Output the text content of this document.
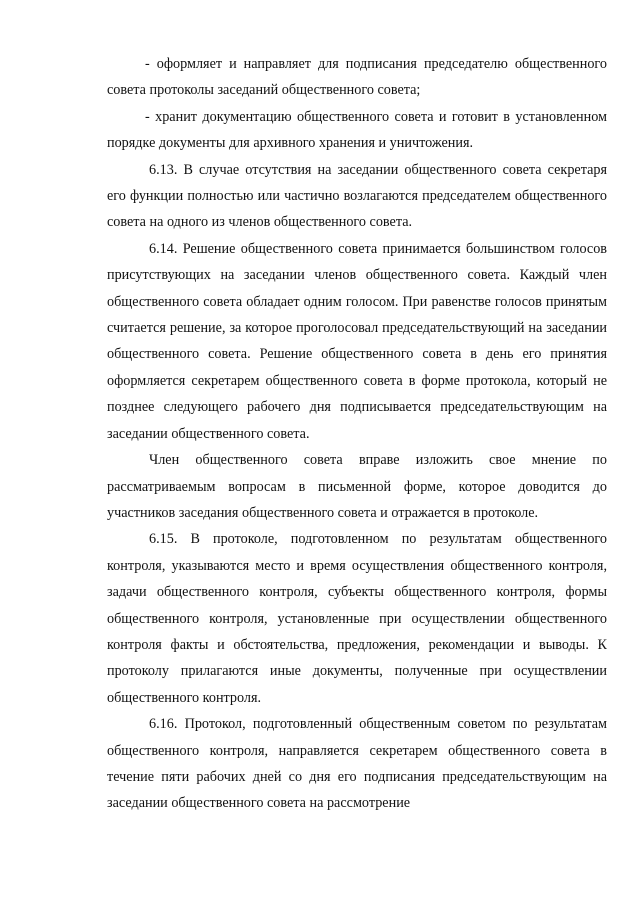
- оформляет и направляет для подписания председателю общественного совета протоколы заседаний общественного совета;

- хранит документацию общественного совета и готовит в установленном порядке документы для архивного хранения и уничтожения.

6.13. В случае отсутствия на заседании общественного совета секретаря его функции полностью или частично возлагаются председателем общественного совета на одного из членов общественного совета.

6.14. Решение общественного совета принимается большинством голосов присутствующих на заседании членов общественного совета. Каждый член общественного совета обладает одним голосом. При равенстве голосов принятым считается решение, за которое проголосовал председательствующий на заседании общественного совета. Решение общественного совета в день его принятия оформляется секретарем общественного совета в форме протокола, который не позднее следующего рабочего дня подписывается председательствующим на заседании общественного совета.

Член общественного совета вправе изложить свое мнение по рассматриваемым вопросам в письменной форме, которое доводится до участников заседания общественного совета и отражается в протоколе.

6.15. В протоколе, подготовленном по результатам общественного контроля, указываются место и время осуществления общественного контроля, задачи общественного контроля, субъекты общественного контроля, формы общественного контроля, установленные при осуществлении общественного контроля факты и обстоятельства, предложения, рекомендации и выводы. К протоколу прилагаются иные документы, полученные при осуществлении общественного контроля.

6.16. Протокол, подготовленный общественным советом по результатам общественного контроля, направляется секретарем общественного совета в течение пяти рабочих дней со дня его подписания председательствующим на заседании общественного совета на рассмотрение
